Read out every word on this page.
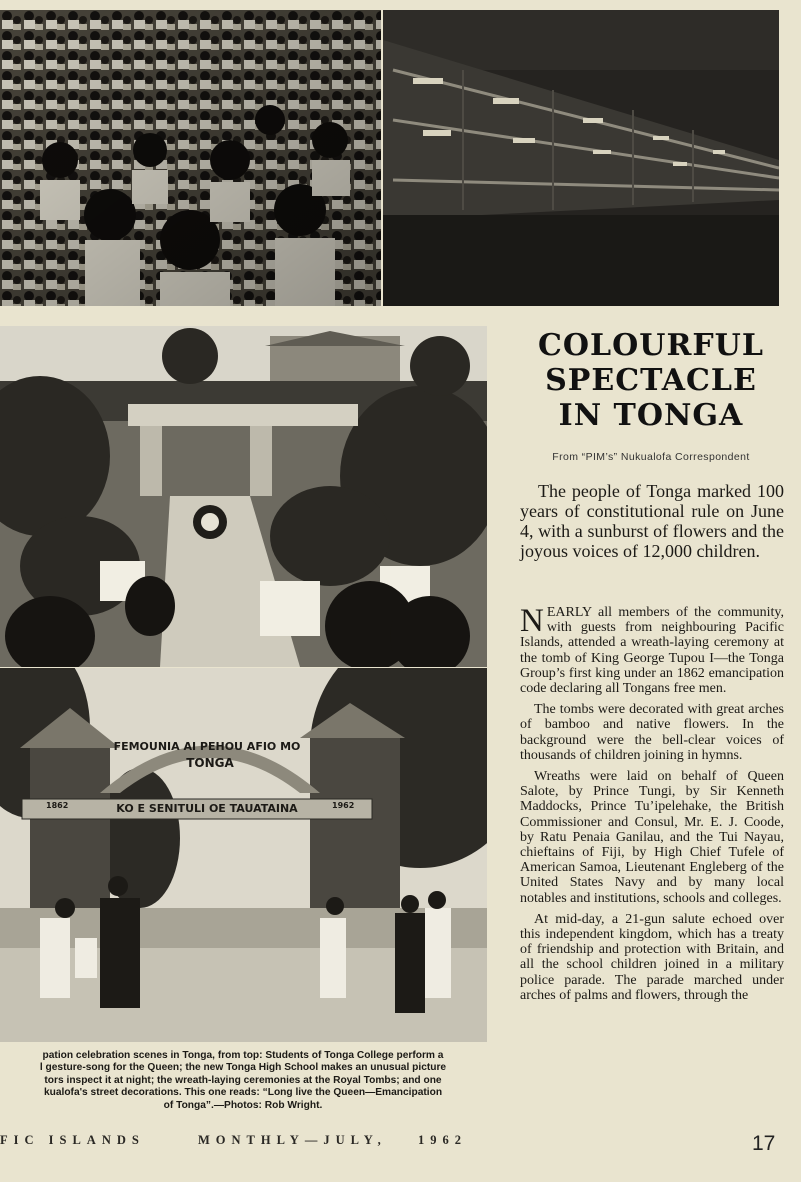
FEMOUNIA AI PEHOU AFIO MO
TONGA
1862	1962
KO E SENITULI OE TAUATAINA
COLOURFUL
SPECTACLE
IN TONGA
From “PIM’s” Nukualofa Correspondent
The people of Tonga marked 100 years of constitutional rule on June 4, with a sunburst of flowers and the joyous voices of 12,000 children.

NEARLY all members of the community, with guests from neighbouring Pacific Islands, attended a wreath-laying ceremony at the tomb of King George Tupou I—the Tonga Group’s first king under an 1862 emancipation code declaring all Tongans free men.

The tombs were decorated with great arches of bamboo and native flowers. In the background were the bell-clear voices of thousands of children joining in hymns.

Wreaths were laid on behalf of Queen Salote, by Prince Tungi, by Sir Kenneth Maddocks, Prince Tu’ipelehake, the British Commissioner and Consul, Mr. E. J. Coode, by Ratu Penaia Ganilau, and the Tui Nayau, chieftains of Fiji, by High Chief Tufele of American Samoa, Lieutenant Engleberg of the United States Navy and by many local notables and institutions, schools and colleges.

At mid-day, a 21-gun salute echoed over this independent kingdom, which has a treaty of friendship and protection with Britain, and all the school children joined in a military police parade. The parade marched under arches of palms and flowers, through the

pation celebration scenes in Tonga, from top: Students of Tonga College perform a
l gesture-song for the Queen; the new Tonga High School makes an unusual picture
tors inspect it at night; the wreath-laying ceremonies at the Royal Tombs; and one
kualofa's street decorations. This one reads: “Long live the Queen—Emancipation
of Tonga”.—Photos: Rob Wright.
FIC ISLANDS	MONTHLY—JULY, 1962	17
